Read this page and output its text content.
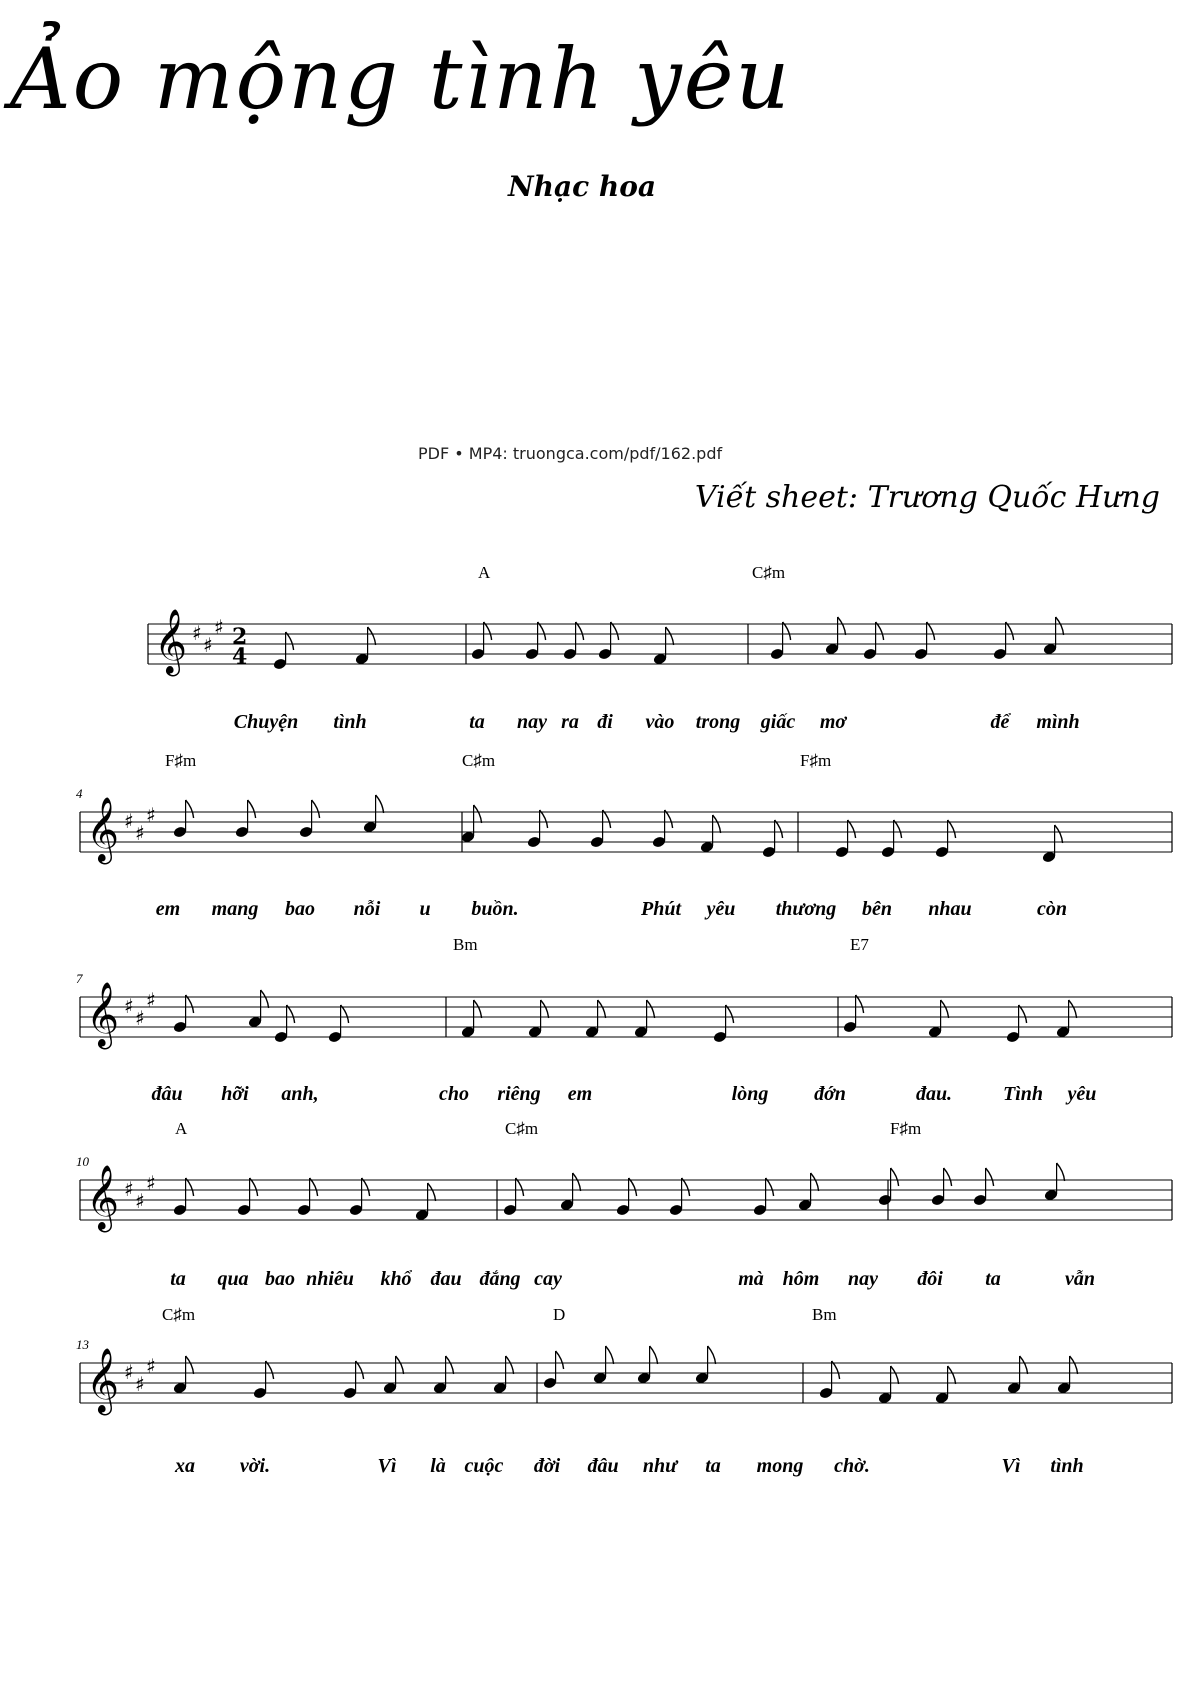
Ảo mộng tình yêu
Nhạc hoa
PDF • MP4: truongca.com/pdf/162.pdf
Viết sheet: Trương Quốc Hưng
𝄞 ♯ ♯
♯ 2
4
A	C♯m
Chuyện tình	ta nay ra đi vào trong giấc mơ	để mình
𝄞 ♯ ♯
♯
4
F♯m	C♯m	F♯m
em mang bao nỗi u buồn.	Phút yêu thương bên nhau	còn
𝄞 ♯ ♯
♯
7
Bm	E7
đâu hỡi anh,	cho riêng em	lòng đớn	đau.	Tình yêu
𝄞 ♯ ♯
♯
10
A	C♯m	F♯m
ta qua bao nhiêu khổ đau đắng cay	mà hôm nay đôi ta	vẫn
𝄞 ♯ ♯
♯
13
C♯m	D	Bm
xa vời.	Vì là cuộc đời đâu như ta mong chờ.	Vì tình
